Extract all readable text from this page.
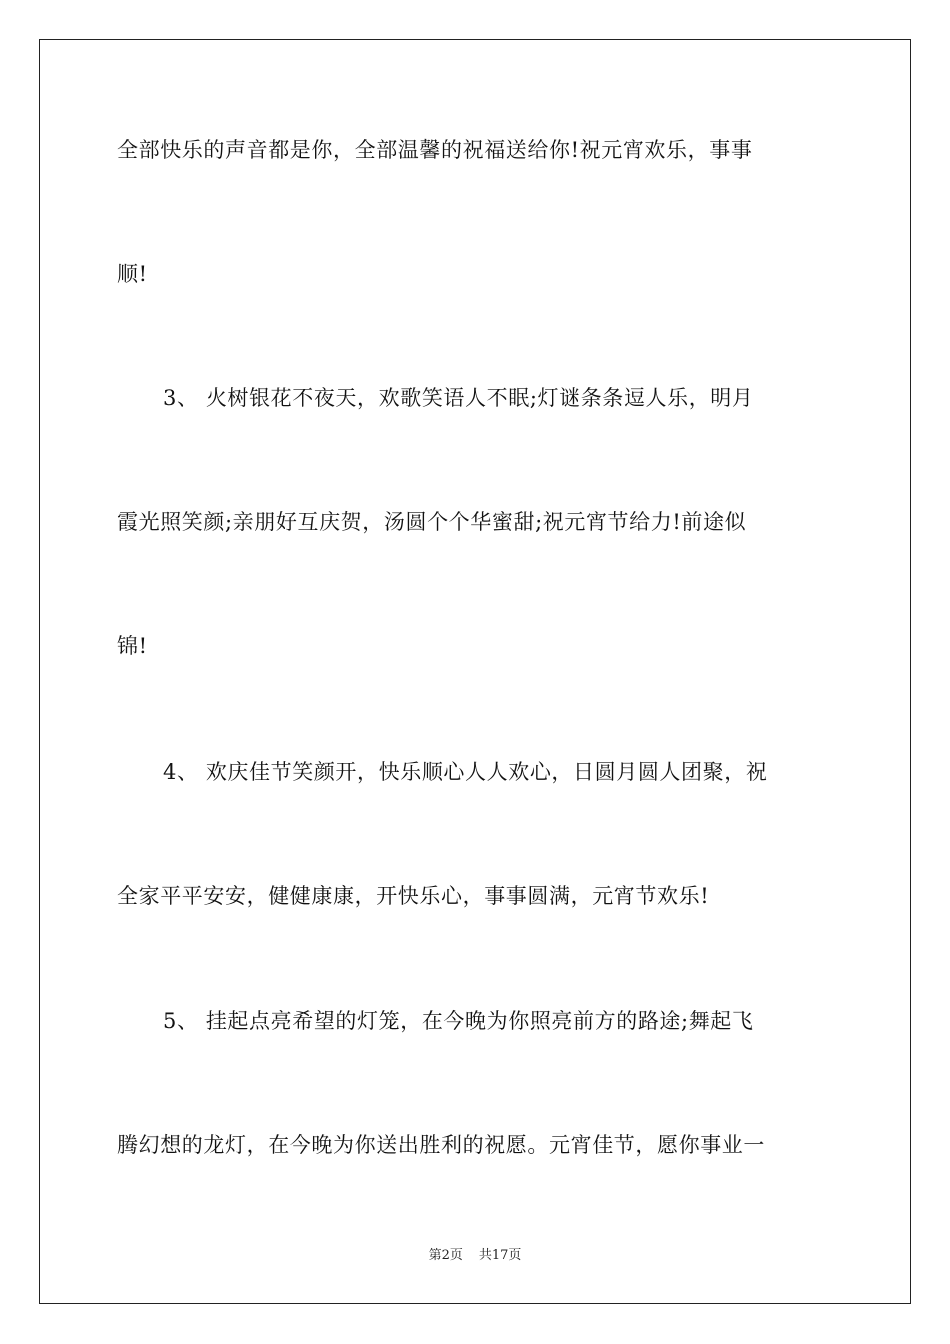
全部快乐的声音都是你，全部温馨的祝福送给你!祝元宵欢乐，事事
顺!
3、 火树银花不夜天，欢歌笑语人不眠;灯谜条条逗人乐，明月
霞光照笑颜;亲朋好互庆贺，汤圆个个华蜜甜;祝元宵节给力!前途似
锦!
4、 欢庆佳节笑颜开，快乐顺心人人欢心，日圆月圆人团聚，祝
全家平平安安，健健康康，开快乐心，事事圆满，元宵节欢乐!
5、 挂起点亮希望的灯笼，在今晚为你照亮前方的路途;舞起飞
腾幻想的龙灯，在今晚为你送出胜利的祝愿。元宵佳节，愿你事业一
第2页 共17页
